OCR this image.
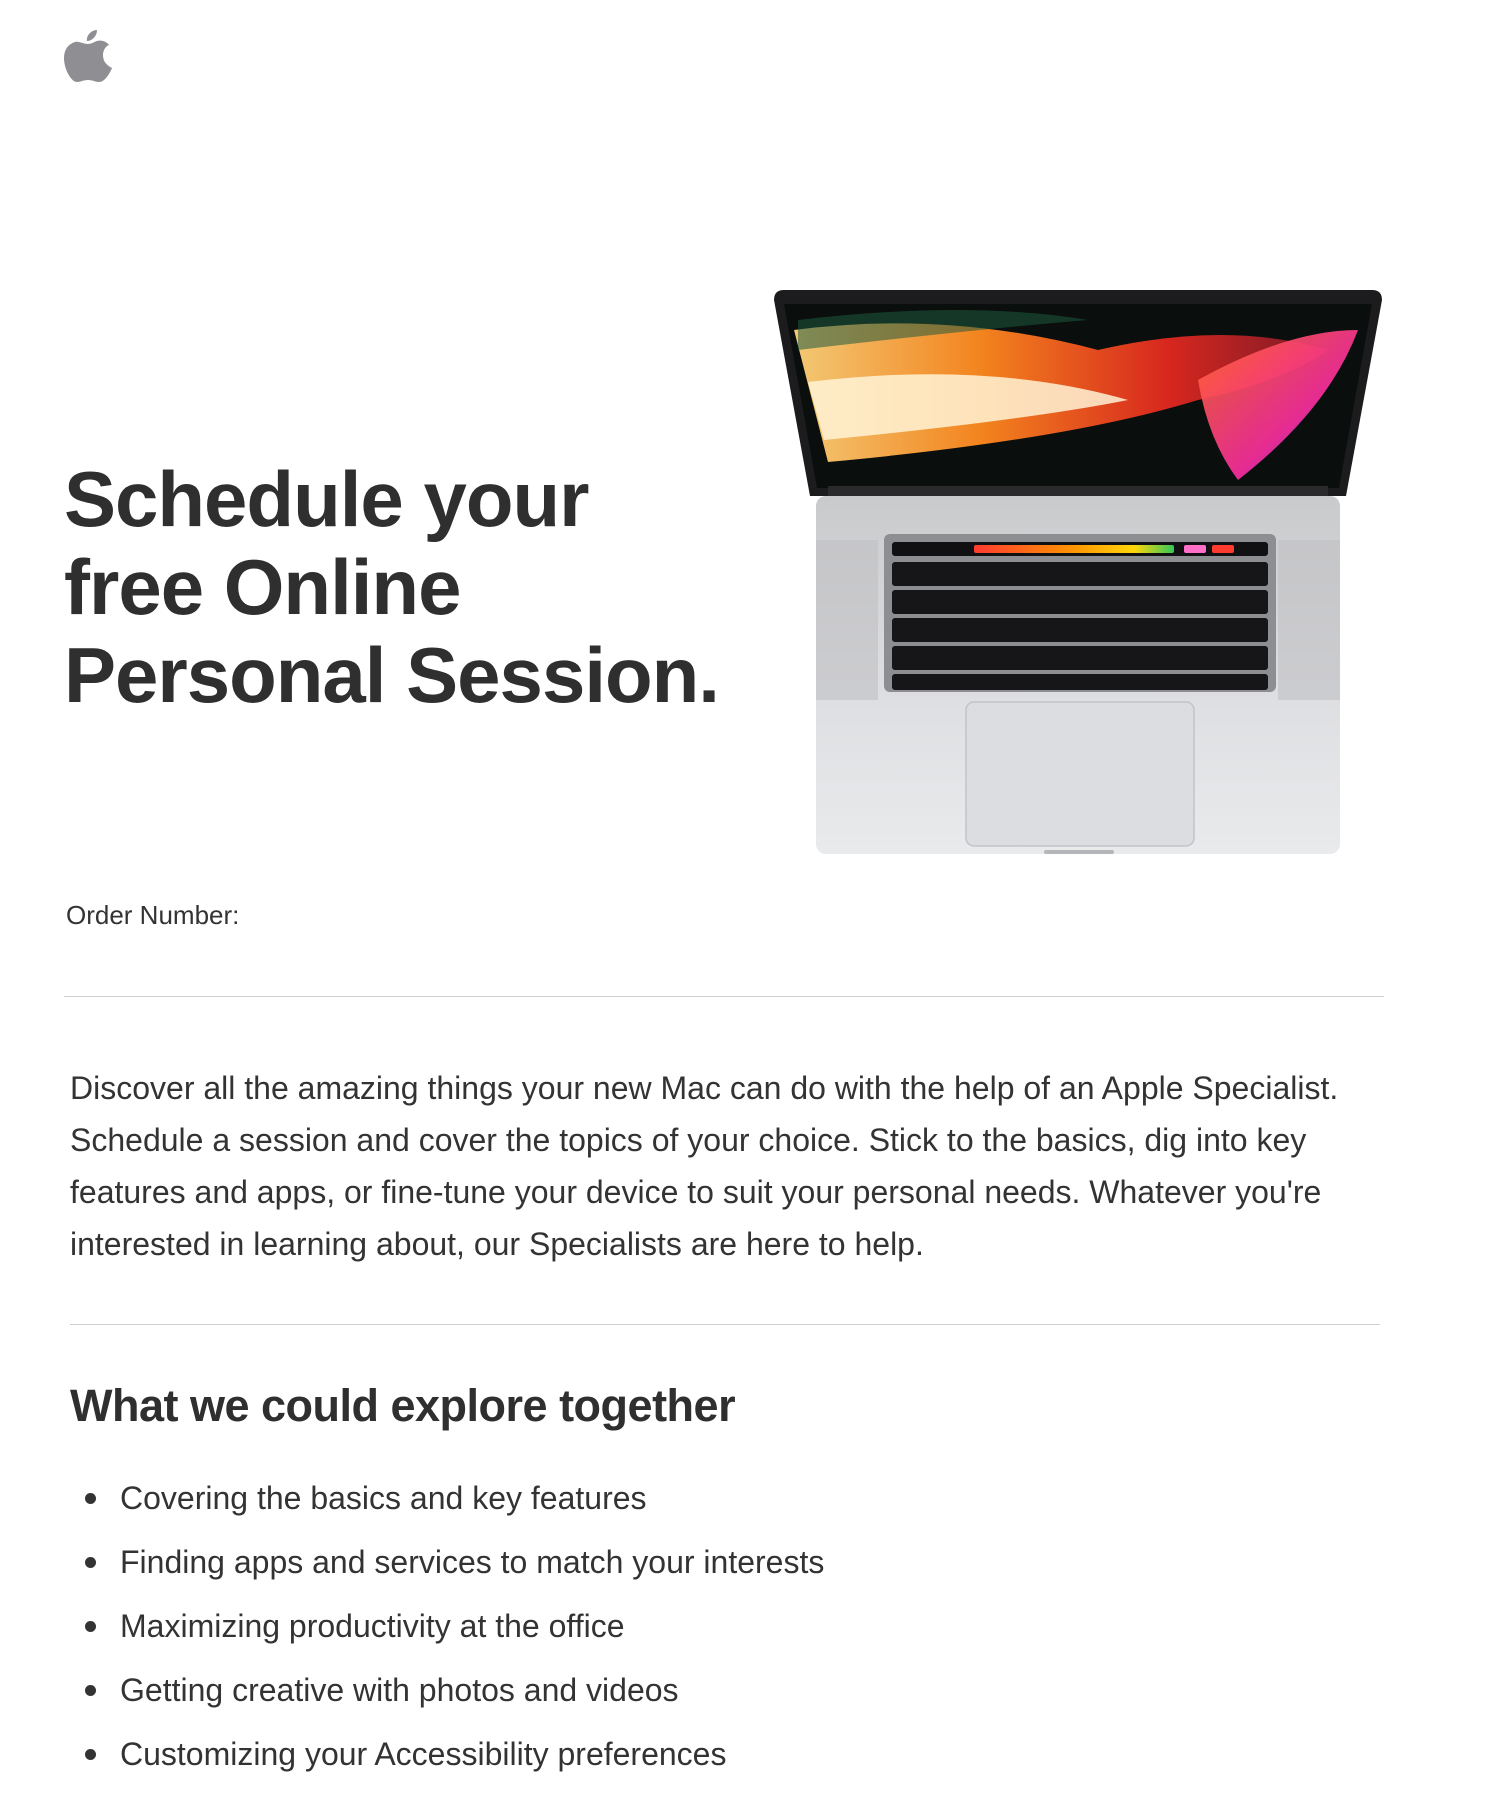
Schedule your
free Online
Personal Session.
Order Number:

Discover all the amazing things your new Mac can do with the help of an Apple Specialist. Schedule a session and cover the topics of your choice. Stick to the basics, dig into key features and apps, or fine-tune your device to suit your personal needs. Whatever you're interested in learning about, our Specialists are here to help.

What we could explore together
Covering the basics and key features
Finding apps and services to match your interests
Maximizing productivity at the office
Getting creative with photos and videos
Customizing your Accessibility preferences
